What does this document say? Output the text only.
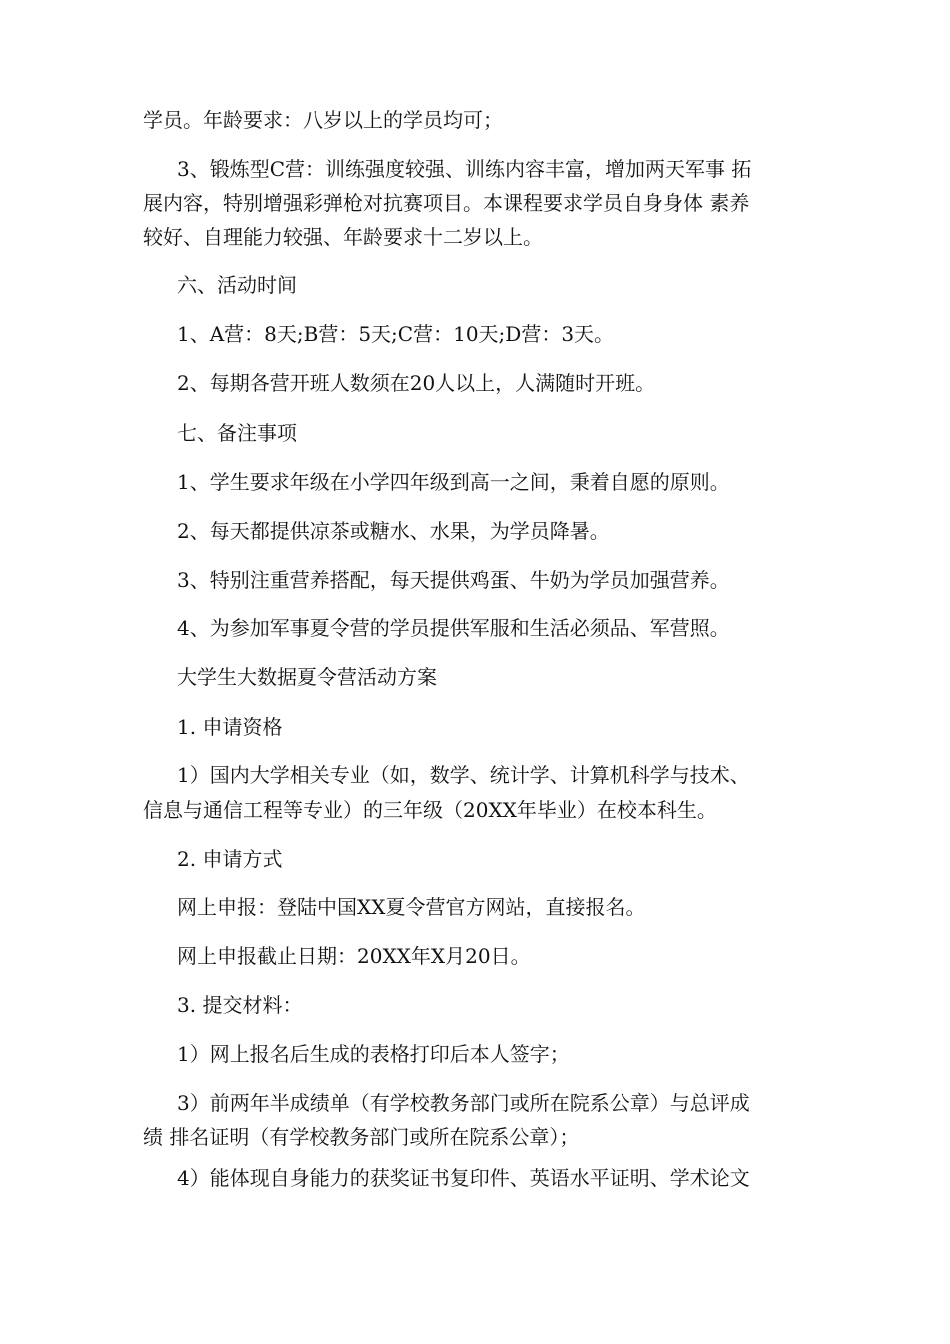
学员。年龄要求：八岁以上的学员均可；
3、锻炼型C营：训练强度较强、训练内容丰富，增加两天军事 拓
展内容，特别增强彩弹枪对抗赛项目。本课程要求学员自身身体 素养
较好、自理能力较强、年龄要求十二岁以上。
六、活动时间
1、A营：8天;B营：5天;C营：10天;D营：3天。
2、每期各营开班人数须在20人以上，人满随时开班。
七、备注事项
1、学生要求年级在小学四年级到高一之间，秉着自愿的原则。
2、每天都提供凉茶或糖水、水果，为学员降暑。
3、特别注重营养搭配，每天提供鸡蛋、牛奶为学员加强营养。
4、为参加军事夏令营的学员提供军服和生活必须品、军营照。
大学生大数据夏令营活动方案
1. 申请资格
1）国内大学相关专业（如，数学、统计学、计算机科学与技术、
信息与通信工程等专业）的三年级（20XX年毕业）在校本科生。
2. 申请方式
网上申报：登陆中国XX夏令营官方网站，直接报名。
网上申报截止日期：20XX年X月20日。
3. 提交材料：
1）网上报名后生成的表格打印后本人签字；
3）前两年半成绩单（有学校教务部门或所在院系公章）与总评成
绩 排名证明（有学校教务部门或所在院系公章）；
4）能体现自身能力的获奖证书复印件、英语水平证明、学术论文
